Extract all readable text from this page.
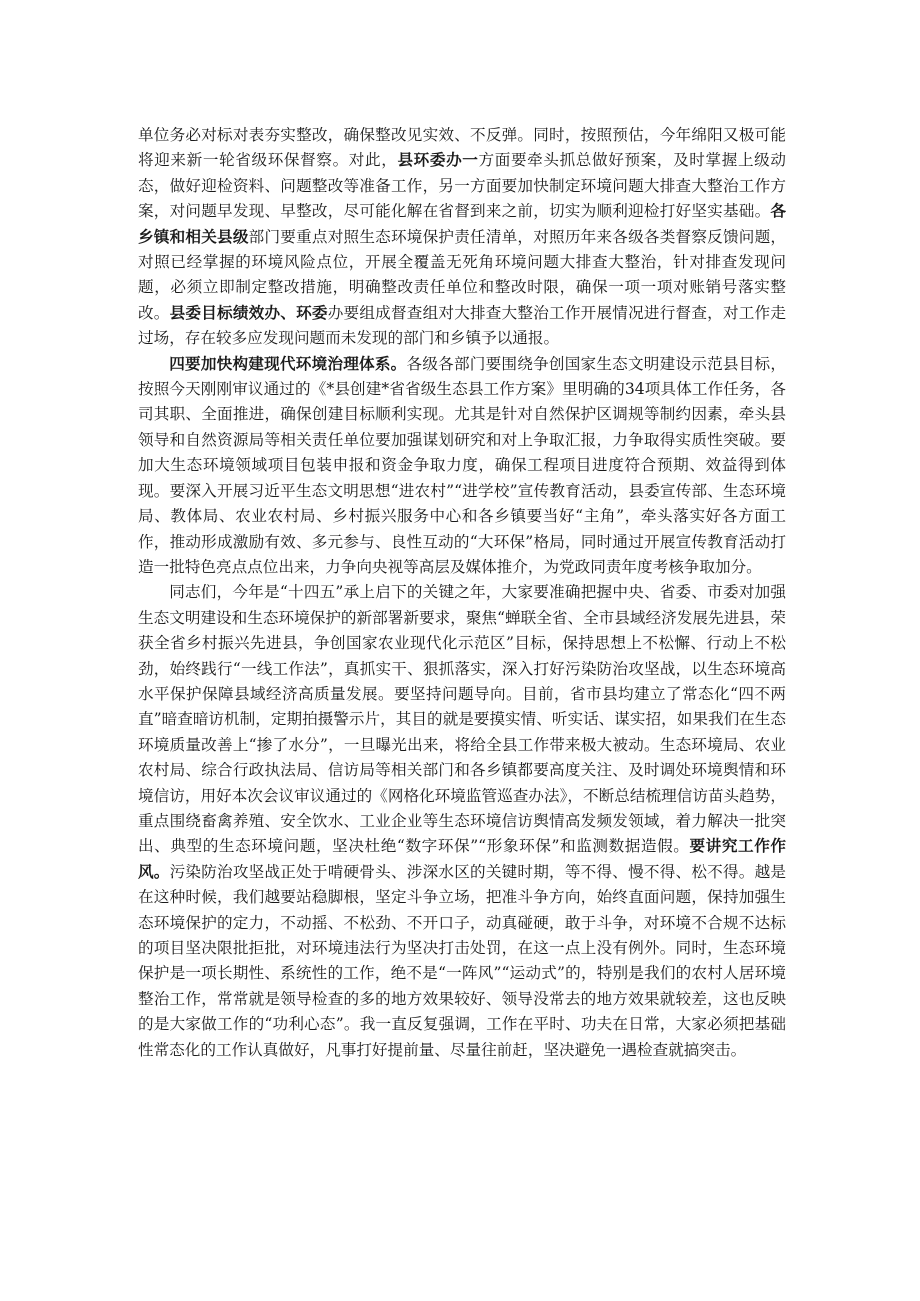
单位务必对标对表夯实整改，确保整改见实效、不反弹。同时，按照预估，今年绵阳又极可能将迎来新一轮省级环保督察。对此，县环委办一方面要牵头抓总做好预案，及时掌握上级动态，做好迎检资料、问题整改等准备工作，另一方面要加快制定环境问题大排查大整治工作方案，对问题早发现、早整改，尽可能化解在省督到来之前，切实为顺利迎检打好坚实基础。各乡镇和相关县级部门要重点对照生态环境保护责任清单，对照历年来各级各类督察反馈问题，对照已经掌握的环境风险点位，开展全覆盖无死角环境问题大排查大整治，针对排查发现问题，必须立即制定整改措施，明确整改责任单位和整改时限，确保一项一项对账销号落实整改。县委目标绩效办、环委办要组成督查组对大排查大整治工作开展情况进行督查，对工作走过场，存在较多应发现问题而未发现的部门和乡镇予以通报。

四要加快构建现代环境治理体系。各级各部门要围绕争创国家生态文明建设示范县目标，按照今天刚刚审议通过的《*县创建*省省级生态县工作方案》里明确的34项具体工作任务，各司其职、全面推进，确保创建目标顺利实现。尤其是针对自然保护区调规等制约因素，牵头县领导和自然资源局等相关责任单位要加强谋划研究和对上争取汇报，力争取得实质性突破。要加大生态环境领域项目包装申报和资金争取力度，确保工程项目进度符合预期、效益得到体现。要深入开展习近平生态文明思想“进农村”“进学校”宣传教育活动，县委宣传部、生态环境局、教体局、农业农村局、乡村振兴服务中心和各乡镇要当好“主角”，牵头落实好各方面工作，推动形成激励有效、多元参与、良性互动的“大环保”格局，同时通过开展宣传教育活动打造一批特色亮点点位出来，力争向央视等高层及媒体推介，为党政同责年度考核争取加分。

同志们，今年是“十四五”承上启下的关键之年，大家要准确把握中央、省委、市委对加强生态文明建设和生态环境保护的新部署新要求，聚焦“蝉联全省、全市县域经济发展先进县，荣获全省乡村振兴先进县，争创国家农业现代化示范区”目标，保持思想上不松懈、行动上不松劲，始终践行“一线工作法”，真抓实干、狠抓落实，深入打好污染防治攻坚战，以生态环境高水平保护保障县域经济高质量发展。要坚持问题导向。目前，省市县均建立了常态化“四不两直”暗查暗访机制，定期拍摄警示片，其目的就是要摸实情、听实话、谋实招，如果我们在生态环境质量改善上“掺了水分”，一旦曝光出来，将给全县工作带来极大被动。生态环境局、农业农村局、综合行政执法局、信访局等相关部门和各乡镇都要高度关注、及时调处环境舆情和环境信访，用好本次会议审议通过的《网格化环境监管巡查办法》，不断总结梳理信访苗头趋势，重点围绕畜禽养殖、安全饮水、工业企业等生态环境信访舆情高发频发领域，着力解决一批突出、典型的生态环境问题，坚决杜绝“数字环保”“形象环保”和监测数据造假。要讲究工作作风。污染防治攻坚战正处于啃硬骨头、涉深水区的关键时期，等不得、慢不得、松不得。越是在这种时候，我们越要站稳脚根，坚定斗争立场，把准斗争方向，始终直面问题，保持加强生态环境保护的定力，不动摇、不松劲、不开口子，动真碰硬，敢于斗争，对环境不合规不达标的项目坚决限批拒批，对环境违法行为坚决打击处罚，在这一点上没有例外。同时，生态环境保护是一项长期性、系统性的工作，绝不是“一阵风”“运动式”的，特别是我们的农村人居环境整治工作，常常就是领导检查的多的地方效果较好、领导没常去的地方效果就较差，这也反映的是大家做工作的“功利心态”。我一直反复强调，工作在平时、功夫在日常，大家必须把基础性常态化的工作认真做好，凡事打好提前量、尽量往前赶，坚决避免一遇检查就搞突击。
